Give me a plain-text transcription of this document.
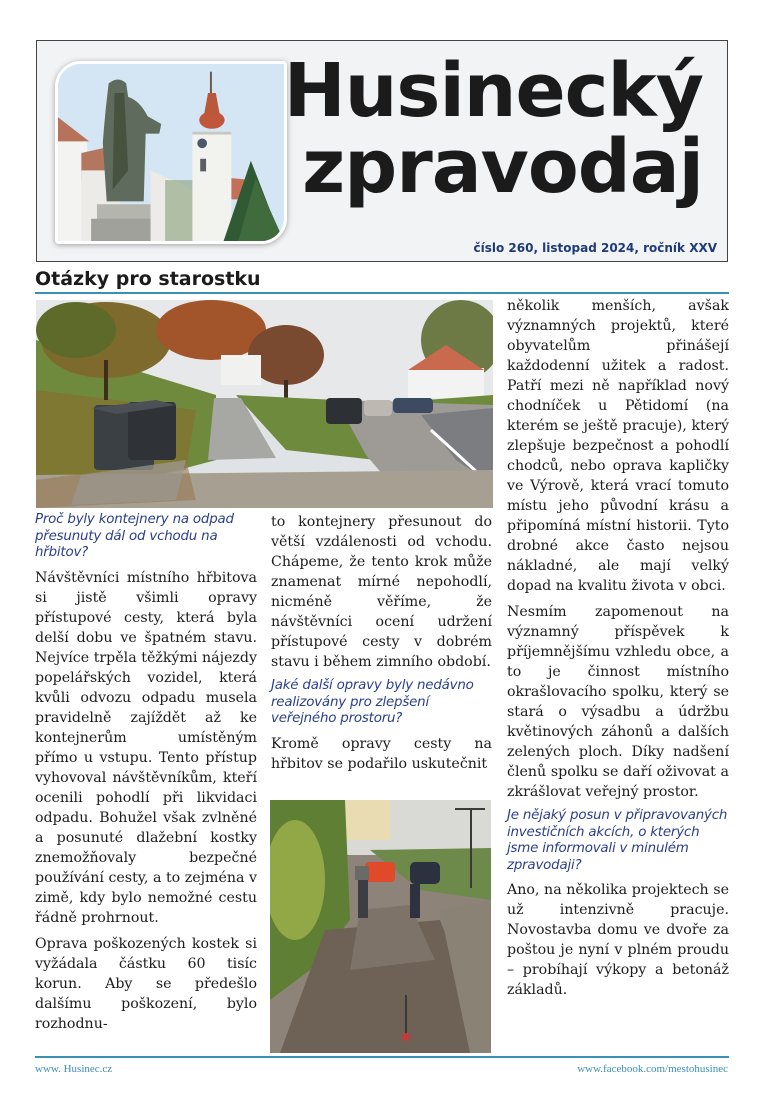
Husinecký
zpravodaj
číslo 260, listopad 2024, ročník XXV
Otázky pro starostku
Proč byly kontejnery na odpad přesunuty dál od vchodu na hřbitov?

Návštěvníci místního hřbitova si jistě všimli opravy přístupové cesty, která byla delší dobu ve špatném stavu. Nejvíce trpěla těžkými nájezdy popelářských vozidel, která kvůli odvozu odpadu musela pravidelně zajíždět až ke kontejnerům umístěným přímo u vstupu. Tento přístup vyhovoval návštěvníkům, kteří ocenili pohodlí při likvidaci odpadu. Bohužel však zvlněné a posunuté dlažební kostky znemožňovaly bezpečné používání cesty, a to zejména v zimě, kdy bylo nemožné cestu řádně prohrnout.

Oprava poškozených kostek si vyžádala částku 60 tisíc korun. Aby se předešlo dalšímu poškození, bylo rozhodnu-

to kontejnery přesunout do větší vzdálenosti od vchodu. Chápeme, že tento krok může znamenat mírné nepohodlí, nicméně věříme, že návštěvníci ocení udržení přístupové cesty v dobrém stavu i během zimního období.

Jaké další opravy byly nedávno realizovány pro zlepšení veřejného prostoru?

Kromě opravy cesty na hřbitov se podařilo uskutečnit

několik menších, avšak významných projektů, které obyvatelům přinášejí každodenní užitek a radost. Patří mezi ně například nový chodníček u Pětidomí (na kterém se ještě pracuje), který zlepšuje bezpečnost a pohodlí chodců, nebo oprava kapličky ve Výrově, která vrací tomuto místu jeho původní krásu a připomíná místní historii. Tyto drobné akce často nejsou nákladné, ale mají velký dopad na kvalitu života v obci.

Nesmím zapomenout na významný příspěvek k příjemnějšímu vzhledu obce, a to je činnost místního okrašlovacího spolku, který se stará o výsadbu a údržbu květinových záhonů a dalších zelených ploch. Díky nadšení členů spolku se daří oživovat a zkrášlovat veřejný prostor.

Je nějaký posun v připravovaných investičních akcích, o kterých jsme informovali v minulém zpravodaji?

Ano, na několika projektech se už intenzivně pracuje. Novostavba domu ve dvoře za poštou je nyní v plném proudu – probíhají výkopy a betonáž základů.

www. Husinec.cz	www.facebook.com/mestohusinec
